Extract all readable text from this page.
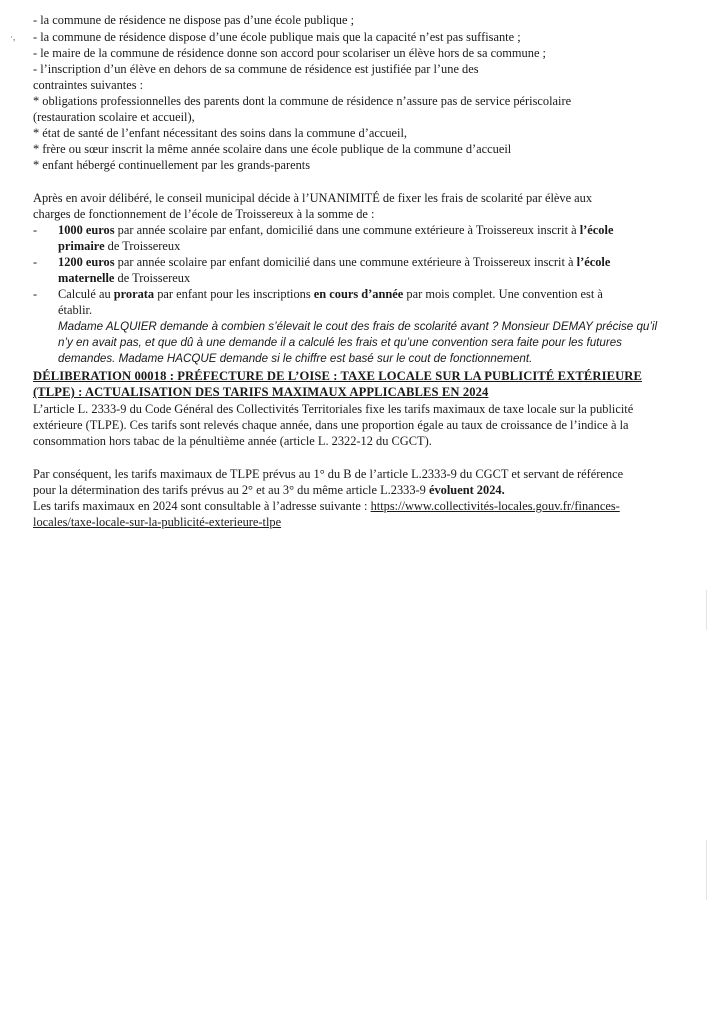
·,
- la commune de résidence ne dispose pas d’une école publique ;
- la commune de résidence dispose d’une école publique mais que la capacité n’est pas suffisante ;
- le maire de la commune de résidence donne son accord pour scolariser un élève hors de sa commune ;
- l’inscription d’un élève en dehors de sa commune de résidence est justifiée par l’une des
contraintes suivantes :
* obligations professionnelles des parents dont la commune de résidence n’assure pas de service périscolaire
(restauration scolaire et accueil),
* état de santé de l’enfant nécessitant des soins dans la commune d’accueil,
* frère ou sœur inscrit la même année scolaire dans une école publique de la commune d’accueil
* enfant hébergé continuellement par les grands-parents
Après en avoir délibéré, le conseil municipal décide à l’UNANIMITÉ de fixer les frais de scolarité par élève aux
charges de fonctionnement de l’école de Troissereux à la somme de :
- 1000 euros par année scolaire par enfant, domicilié dans une commune extérieure à Troissereux inscrit à l’école
primaire de Troissereux
- 1200 euros par année scolaire par enfant domicilié dans une commune extérieure à Troissereux inscrit à l’école
maternelle de Troissereux
- Calculé au prorata par enfant pour les inscriptions en cours d’année par mois complet. Une convention est à
établir.
Madame ALQUIER demande à combien s’élevait le cout des frais de scolarité avant ? Monsieur DEMAY précise qu’il
n’y en avait pas, et que dû à une demande il a calculé les frais et qu’une convention sera faite pour les futures
demandes. Madame HACQUE demande si le chiffre est basé sur le cout de fonctionnement.
DÉLIBERATION 00018 : PRÉFECTURE DE L’OISE : TAXE LOCALE SUR LA PUBLICITÉ EXTÉRIEURE
(TLPE) : ACTUALISATION DES TARIFS MAXIMAUX APPLICABLES EN 2024
L’article L. 2333-9 du Code Général des Collectivités Territoriales fixe les tarifs maximaux de taxe locale sur la publicité
extérieure (TLPE). Ces tarifs sont relevés chaque année, dans une proportion égale au taux de croissance de l’indice à la
consommation hors tabac de la pénultième année (article L. 2322-12 du CGCT).
Par conséquent, les tarifs maximaux de TLPE prévus au 1° du B de l’article L.2333-9 du CGCT et servant de référence
pour la détermination des tarifs prévus au 2° et au 3° du même article L.2333-9 évoluent 2024.
Les tarifs maximaux en 2024 sont consultable à l’adresse suivante : https://www.collectivités-locales.gouv.fr/finances-
locales/taxe-locale-sur-la-publicité-exterieure-tlpe
